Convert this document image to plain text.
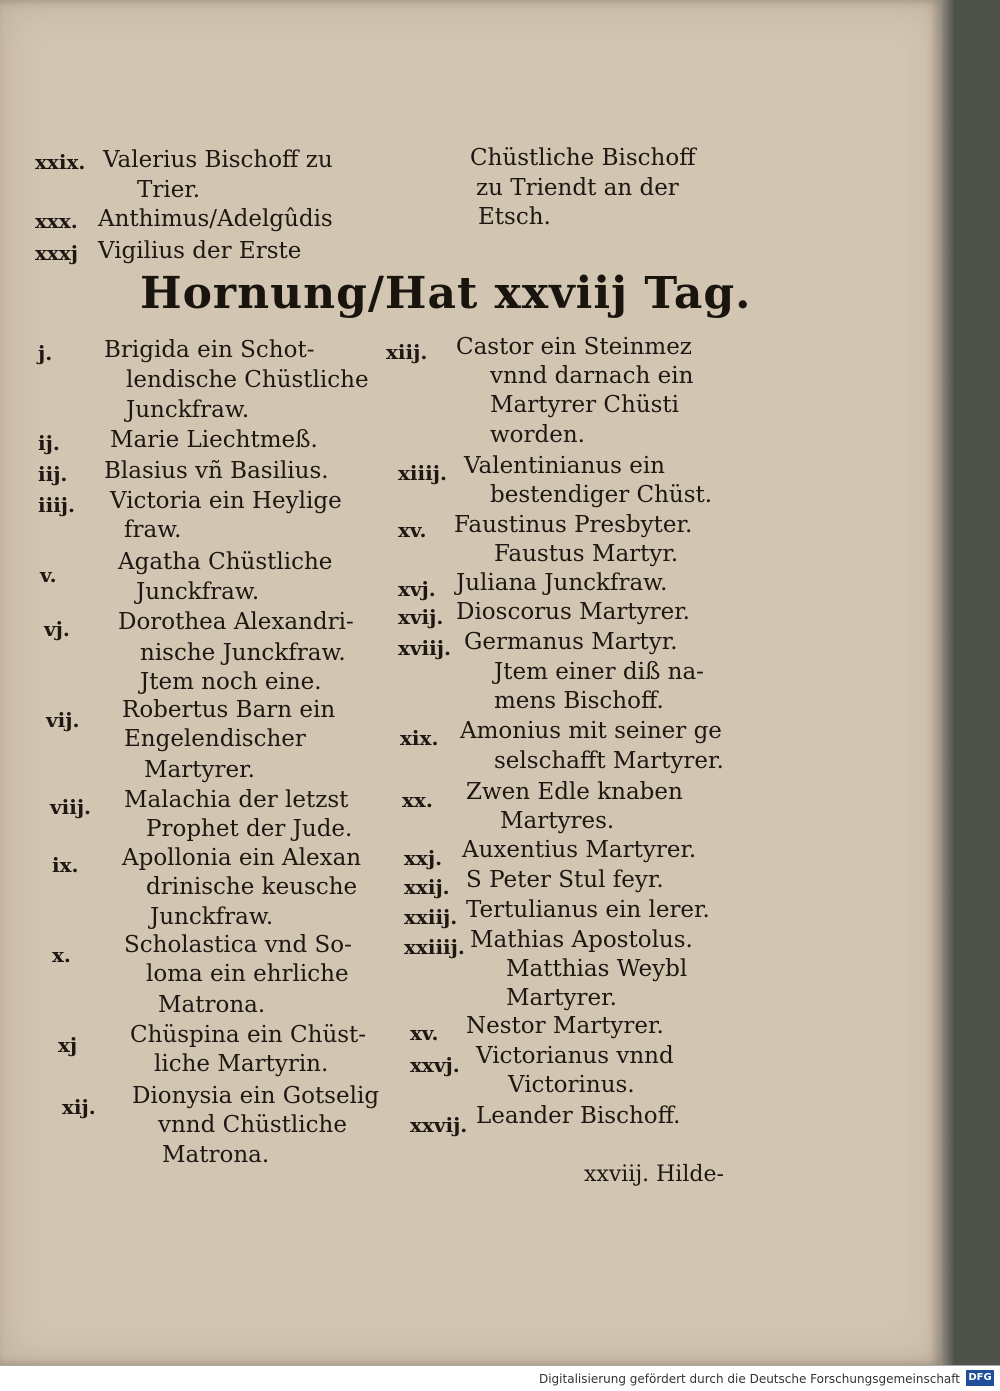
xxix. Valerius Bischoff zu
Trier.
xxx. Anthimus/Adelgûdis
xxxj Vigilius der Erste
Chüstliche Bischoff
zu Triendt an der
Etsch.
Hornung/Hat xxviij Tag.
j. Brigida ein Schot-
lendische Chüstliche
Junckfraw.
ij. Marie Liechtmeß.
iij. Blasius vñ Basilius.
iiij. Victoria ein Heylige
fraw.
v.	Agatha Chüstliche
Junckfraw.
vj. Dorothea Alexandri-
nische Junckfraw.
Jtem noch eine.
vij. Robertus Barn ein
Engelendischer
Martyrer.
viij. Malachia der letzst
Prophet der Jude.
ix. Apollonia ein Alexan
drinische keusche
Junckfraw.
x. Scholastica vnd So-
loma ein ehrliche
Matrona.
xj Chüspina ein Chüst-
liche Martyrin.
xij. Dionysia ein Gotselig
vnnd Chüstliche
Matrona.
xiij. Castor ein Steinmez
vnnd darnach ein
Martyrer Chüsti
worden.
xiiij. Valentinianus ein
bestendiger Chüst.
xv. Faustinus Presbyter.
Faustus Martyr.
xvj. Juliana Junckfraw.
xvij. Dioscorus Martyrer.
xviij. Germanus Martyr.
Jtem einer diß na-
mens Bischoff.
xix. Amonius mit seiner ge
selschafft Martyrer.
xx. Zwen Edle knaben
Martyres.
xxj. Auxentius Martyrer.
xxij. S Peter Stul feyr.
xxiij. Tertulianus ein lerer.
xxiiij. Mathias Apostolus.
Matthias Weybl
Martyrer.
xv. Nestor Martyrer.
xxvj. Victorianus vnnd
Victorinus.
xxvij. Leander Bischoff.
xxviij. Hilde-
Digitalisierung gefördert durch die Deutsche Forschungsgemeinschaft DFG
